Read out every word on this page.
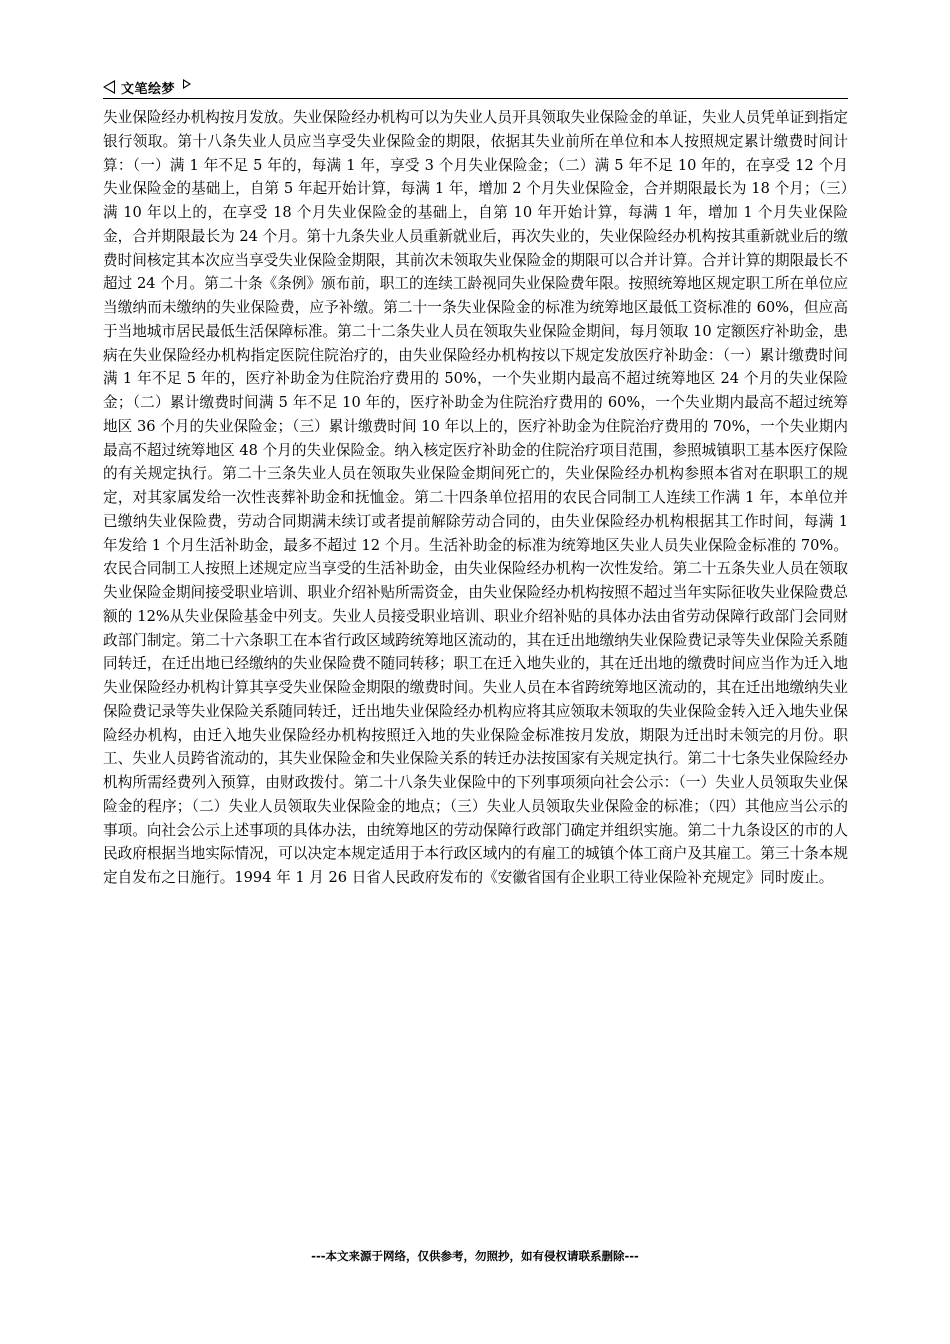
文笔绘梦

失业保险经办机构按月发放。失业保险经办机构可以为失业人员开具领取失业保险金的单证，失业人员凭单证到指定银行领取。第十八条失业人员应当享受失业保险金的期限，依据其失业前所在单位和本人按照规定累计缴费时间计算：（一）满 1 年不足 5 年的，每满 1 年，享受 3 个月失业保险金；（二）满 5 年不足 10 年的，在享受 12 个月失业保险金的基础上，自第 5 年起开始计算，每满 1 年，增加 2 个月失业保险金，合并期限最长为 18 个月；（三）满 10 年以上的，在享受 18 个月失业保险金的基础上，自第 10 年开始计算，每满 1 年，增加 1 个月失业保险金，合并期限最长为 24 个月。第十九条失业人员重新就业后，再次失业的，失业保险经办机构按其重新就业后的缴费时间核定其本次应当享受失业保险金期限，其前次未领取失业保险金的期限可以合并计算。合并计算的期限最长不超过 24 个月。第二十条《条例》颁布前，职工的连续工龄视同失业保险费年限。按照统筹地区规定职工所在单位应当缴纳而未缴纳的失业保险费，应予补缴。第二十一条失业保险金的标准为统筹地区最低工资标准的 60%，但应高于当地城市居民最低生活保障标准。第二十二条失业人员在领取失业保险金期间，每月领取 10 定额医疗补助金，患病在失业保险经办机构指定医院住院治疗的，由失业保险经办机构按以下规定发放医疗补助金：（一）累计缴费时间满 1 年不足 5 年的，医疗补助金为住院治疗费用的 50%，一个失业期内最高不超过统筹地区 24 个月的失业保险金；（二）累计缴费时间满 5 年不足 10 年的，医疗补助金为住院治疗费用的 60%，一个失业期内最高不超过统筹地区 36 个月的失业保险金；（三）累计缴费时间 10 年以上的，医疗补助金为住院治疗费用的 70%，一个失业期内最高不超过统筹地区 48 个月的失业保险金。纳入核定医疗补助金的住院治疗项目范围，参照城镇职工基本医疗保险的有关规定执行。第二十三条失业人员在领取失业保险金期间死亡的，失业保险经办机构参照本省对在职职工的规定，对其家属发给一次性丧葬补助金和抚恤金。第二十四条单位招用的农民合同制工人连续工作满 1 年，本单位并已缴纳失业保险费，劳动合同期满未续订或者提前解除劳动合同的，由失业保险经办机构根据其工作时间，每满 1 年发给 1 个月生活补助金，最多不超过 12 个月。生活补助金的标准为统筹地区失业人员失业保险金标准的 70%。农民合同制工人按照上述规定应当享受的生活补助金，由失业保险经办机构一次性发给。第二十五条失业人员在领取失业保险金期间接受职业培训、职业介绍补贴所需资金，由失业保险经办机构按照不超过当年实际征收失业保险费总额的 12%从失业保险基金中列支。失业人员接受职业培训、职业介绍补贴的具体办法由省劳动保障行政部门会同财政部门制定。第二十六条职工在本省行政区域跨统筹地区流动的，其在迁出地缴纳失业保险费记录等失业保险关系随同转迁，在迁出地已经缴纳的失业保险费不随同转移；职工在迁入地失业的，其在迁出地的缴费时间应当作为迁入地失业保险经办机构计算其享受失业保险金期限的缴费时间。失业人员在本省跨统筹地区流动的，其在迁出地缴纳失业保险费记录等失业保险关系随同转迁，迁出地失业保险经办机构应将其应领取未领取的失业保险金转入迁入地失业保险经办机构，由迁入地失业保险经办机构按照迁入地的失业保险金标准按月发放，期限为迁出时未领完的月份。职工、失业人员跨省流动的，其失业保险金和失业保险关系的转迁办法按国家有关规定执行。第二十七条失业保险经办机构所需经费列入预算，由财政拨付。第二十八条失业保险中的下列事项须向社会公示：（一）失业人员领取失业保险金的程序；（二）失业人员领取失业保险金的地点；（三）失业人员领取失业保险金的标准；（四）其他应当公示的事项。向社会公示上述事项的具体办法，由统筹地区的劳动保障行政部门确定并组织实施。第二十九条设区的市的人民政府根据当地实际情况，可以决定本规定适用于本行政区域内的有雇工的城镇个体工商户及其雇工。第三十条本规定自发布之日施行。1994 年 1 月 26 日省人民政府发布的《安徽省国有企业职工待业保险补充规定》同时废止。

---本文来源于网络，仅供参考，勿照抄，如有侵权请联系删除---
